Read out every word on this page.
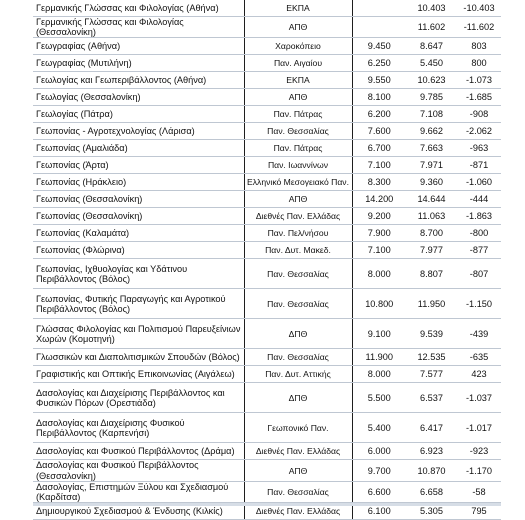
Γερμανικής Γλώσσας και Φιλολογίας (Αθήνα)	ΕΚΠΑ		10.403	-10.403
Γερμανικής Γλώσσας και Φιλολογίας (Θεσσαλονίκη)	ΑΠΘ		11.602	-11.602
Γεωγραφίας (Αθήνα)	Χαροκόπειο	9.450	8.647	803
Γεωγραφίας (Μυτιλήνη)	Παν. Αιγαίου	6.250	5.450	800
Γεωλογίας και Γεωπεριβάλλοντος (Αθήνα)	ΕΚΠΑ	9.550	10.623	-1.073
Γεωλογίας (Θεσσαλονίκη)	ΑΠΘ	8.100	9.785	-1.685
Γεωλογίας (Πάτρα)	Παν. Πάτρας	6.200	7.108	-908
Γεωπονίας - Αγροτεχνολογίας (Λάρισα)	Παν. Θεσσαλίας	7.600	9.662	-2.062
Γεωπονίας (Αμαλιάδα)	Παν. Πάτρας	6.700	7.663	-963
Γεωπονίας (Άρτα)	Παν. Ιωαννίνων	7.100	7.971	-871
Γεωπονίας (Ηράκλειο)	Ελληνικό Μεσογειακό Παν.	8.300	9.360	-1.060
Γεωπονίας (Θεσσαλονίκη)	ΑΠΘ	14.200	14.644	-444
Γεωπονίας (Θεσσαλονίκη)	Διεθνές Παν. Ελλάδας	9.200	11.063	-1.863
Γεωπονίας (Καλαμάτα)	Παν. Πελ/νήσου	7.900	8.700	-800
Γεωπονίας (Φλώρινα)	Παν. Δυτ. Μακεδ.	7.100	7.977	-877
Γεωπονίας, Ιχθυολογίας και Υδάτινου Περιβάλλοντος (Βόλος)	Παν. Θεσσαλίας	8.000	8.807	-807
Γεωπονίας, Φυτικής Παραγωγής και Αγροτικού Περιβάλλοντος (Βόλος)	Παν. Θεσσαλίας	10.800	11.950	-1.150
Γλώσσας Φιλολογίας και Πολιτισμού Παρευξείνιων Χωρών (Κομοτηνή)	ΔΠΘ	9.100	9.539	-439
Γλωσσικών και Διαπολιτισμικών Σπουδών (Βόλος)	Παν. Θεσσαλίας	11.900	12.535	-635
Γραφιστικής και Οπτικής Επικοινωνίας (Αιγάλεω)	Παν. Δυτ. Αττικής	8.000	7.577	423
Δασολογίας και Διαχείρισης Περιβάλλοντος και Φυσικών Πόρων (Ορεστιάδα)	ΔΠΘ	5.500	6.537	-1.037
Δασολογίας και Διαχείρισης Φυσικού Περιβάλλοντος (Καρπενήσι)	Γεωπονικό Παν.	5.400	6.417	-1.017
Δασολογίας και Φυσικού Περιβάλλοντος (Δράμα)	Διεθνές Παν. Ελλάδας	6.000	6.923	-923
Δασολογίας και Φυσικού Περιβάλλοντος (Θεσσαλονίκη)	ΑΠΘ	9.700	10.870	-1.170
Δασολογίας, Επιστημών Ξύλου και Σχεδιασμού (Καρδίτσα)	Παν. Θεσσαλίας	6.600	6.658	-58
Δημιουργικού Σχεδιασμού & Ένδυσης (Κιλκίς)	Διεθνές Παν. Ελλάδας	6.100	5.305	795
